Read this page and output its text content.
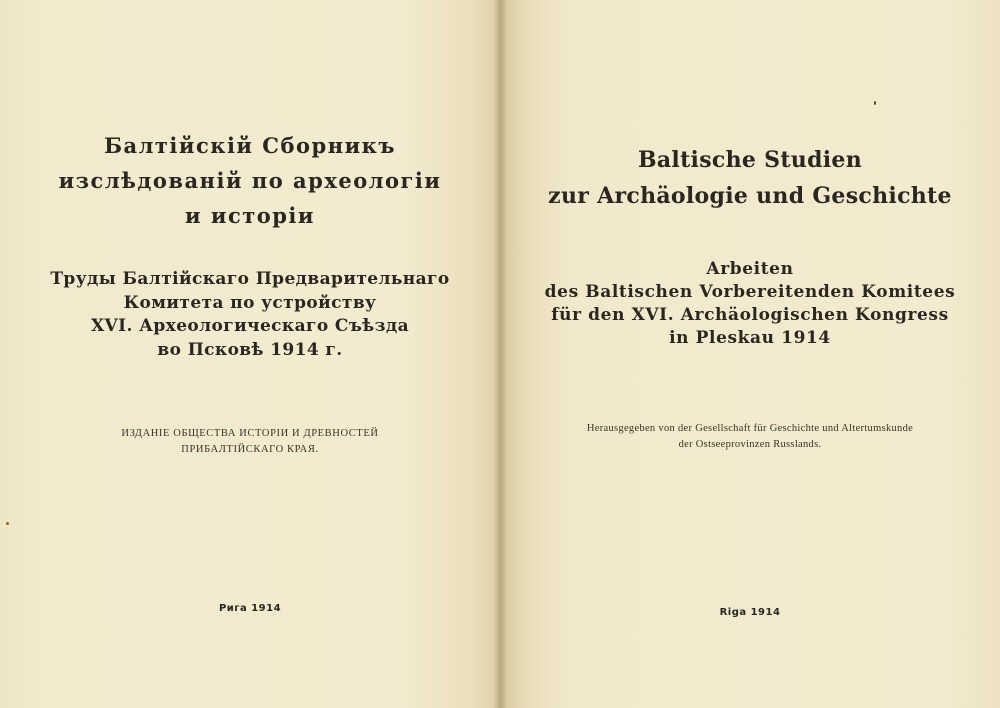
Балтійскій Сборникъ
изслѣдованій по археологіи
и исторіи
Труды Балтійскаго Предварительнаго
Комитета по устройству
XVI. Археологическаго Съѣзда
во Псковѣ 1914 г.
ИЗДАНІЕ ОБЩЕСТВА ИСТОРІИ И ДРЕВНОСТЕЙ
ПРИБАЛТІЙСКАГО КРАЯ.
Рига 1914
Baltische Studien
zur Archäologie und Geschichte
Arbeiten
des Baltischen Vorbereitenden Komitees
für den XVI. Archäologischen Kongress
in Pleskau 1914
Herausgegeben von der Gesellschaft für Geschichte und Altertumskunde
der Ostseeprovinzen Russlands.
Riga 1914
